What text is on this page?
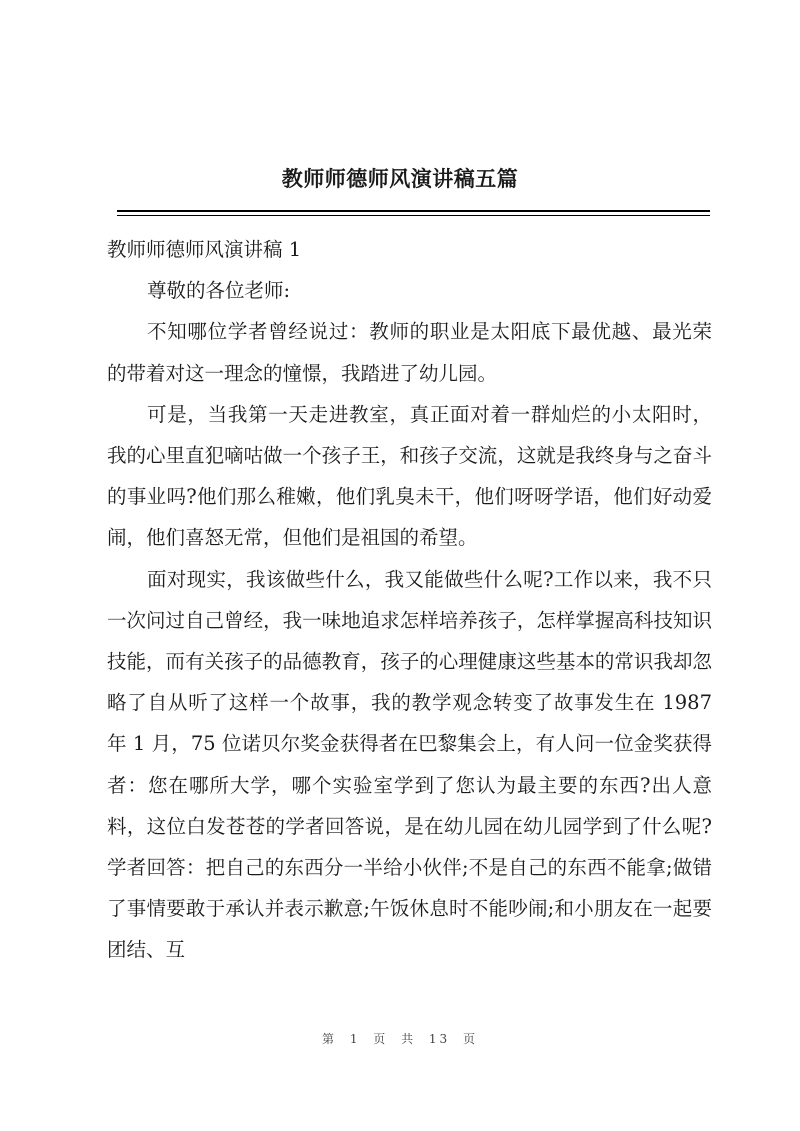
教师师德师风演讲稿五篇

教师师德师风演讲稿 1

尊敬的各位老师:

不知哪位学者曾经说过：教师的职业是太阳底下最优越、最光荣的带着对这一理念的憧憬，我踏进了幼儿园。

可是，当我第一天走进教室，真正面对着一群灿烂的小太阳时，我的心里直犯嘀咕做一个孩子王，和孩子交流，这就是我终身与之奋斗的事业吗?他们那么稚嫩，他们乳臭未干，他们呀呀学语，他们好动爱闹，他们喜怒无常，但他们是祖国的希望。

面对现实，我该做些什么，我又能做些什么呢?工作以来，我不只一次问过自己曾经，我一味地追求怎样培养孩子，怎样掌握高科技知识技能，而有关孩子的品德教育，孩子的心理健康这些基本的常识我却忽略了自从听了这样一个故事，我的教学观念转变了故事发生在 1987 年 1 月，75 位诺贝尔奖金获得者在巴黎集会上，有人问一位金奖获得者：您在哪所大学，哪个实验室学到了您认为最主要的东西?出人意料，这位白发苍苍的学者回答说，是在幼儿园在幼儿园学到了什么呢?学者回答：把自己的东西分一半给小伙伴;不是自己的东西不能拿;做错了事情要敢于承认并表示歉意;午饭休息时不能吵闹;和小朋友在一起要团结、互

第 1 页 共 13 页
